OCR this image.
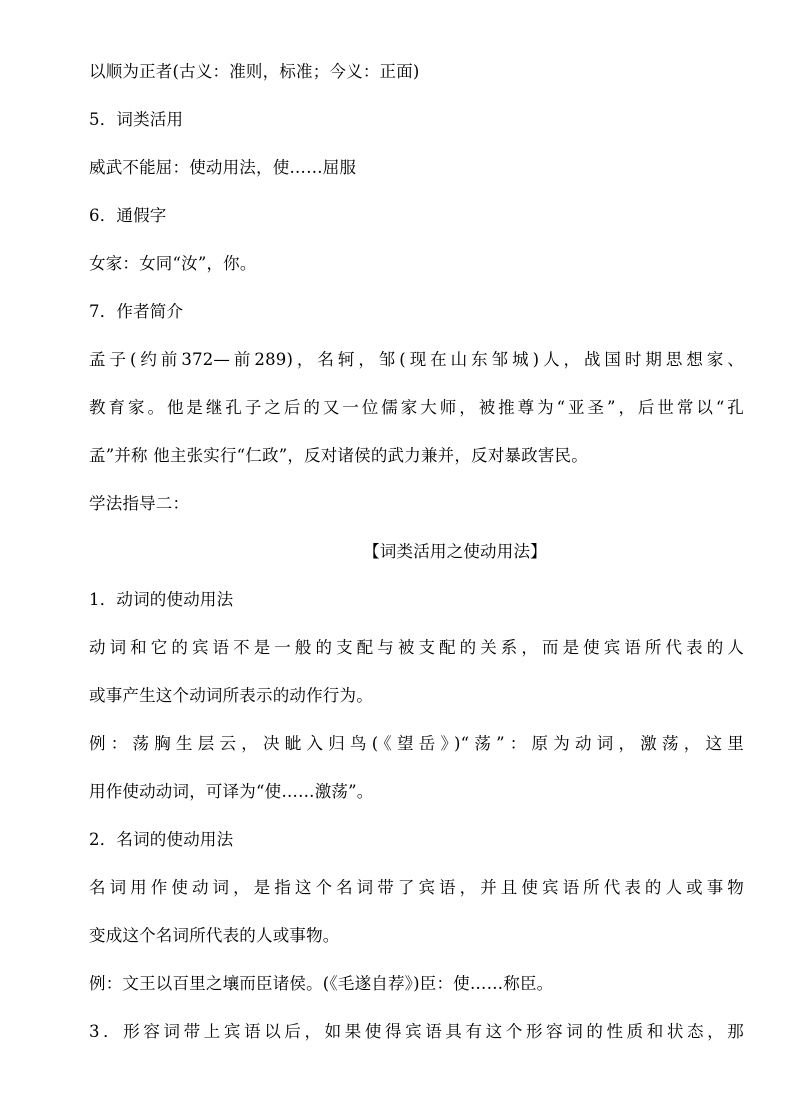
以顺为正者(古义：准则，标准；今义：正面)
5．词类活用
威武不能屈：使动用法，使……屈服
6．通假字
女家：女同“汝”，你。
7．作者简介
孟子(约前372—前289)，名轲，邹(现在山东邹城)人，战国时期思想家、
教育家。他是继孔子之后的又一位儒家大师，被推尊为“亚圣”，后世常以“孔
孟”并称 他主张实行“仁政”，反对诸侯的武力兼并，反对暴政害民。
学法指导二：
【词类活用之使动用法】
1．动词的使动用法
动词和它的宾语不是一般的支配与被支配的关系，而是使宾语所代表的人
或事产生这个动词所表示的动作行为。
例：荡胸生层云，决眦入归鸟(《望岳》)“荡”：原为动词，激荡，这里
用作使动动词，可译为“使……激荡”。
2．名词的使动用法
名词用作使动词，是指这个名词带了宾语，并且使宾语所代表的人或事物
变成这个名词所代表的人或事物。
例：文王以百里之壤而臣诸侯。(《毛遂自荐》)臣：使……称臣。
3．形容词带上宾语以后，如果使得宾语具有这个形容词的性质和状态，那
